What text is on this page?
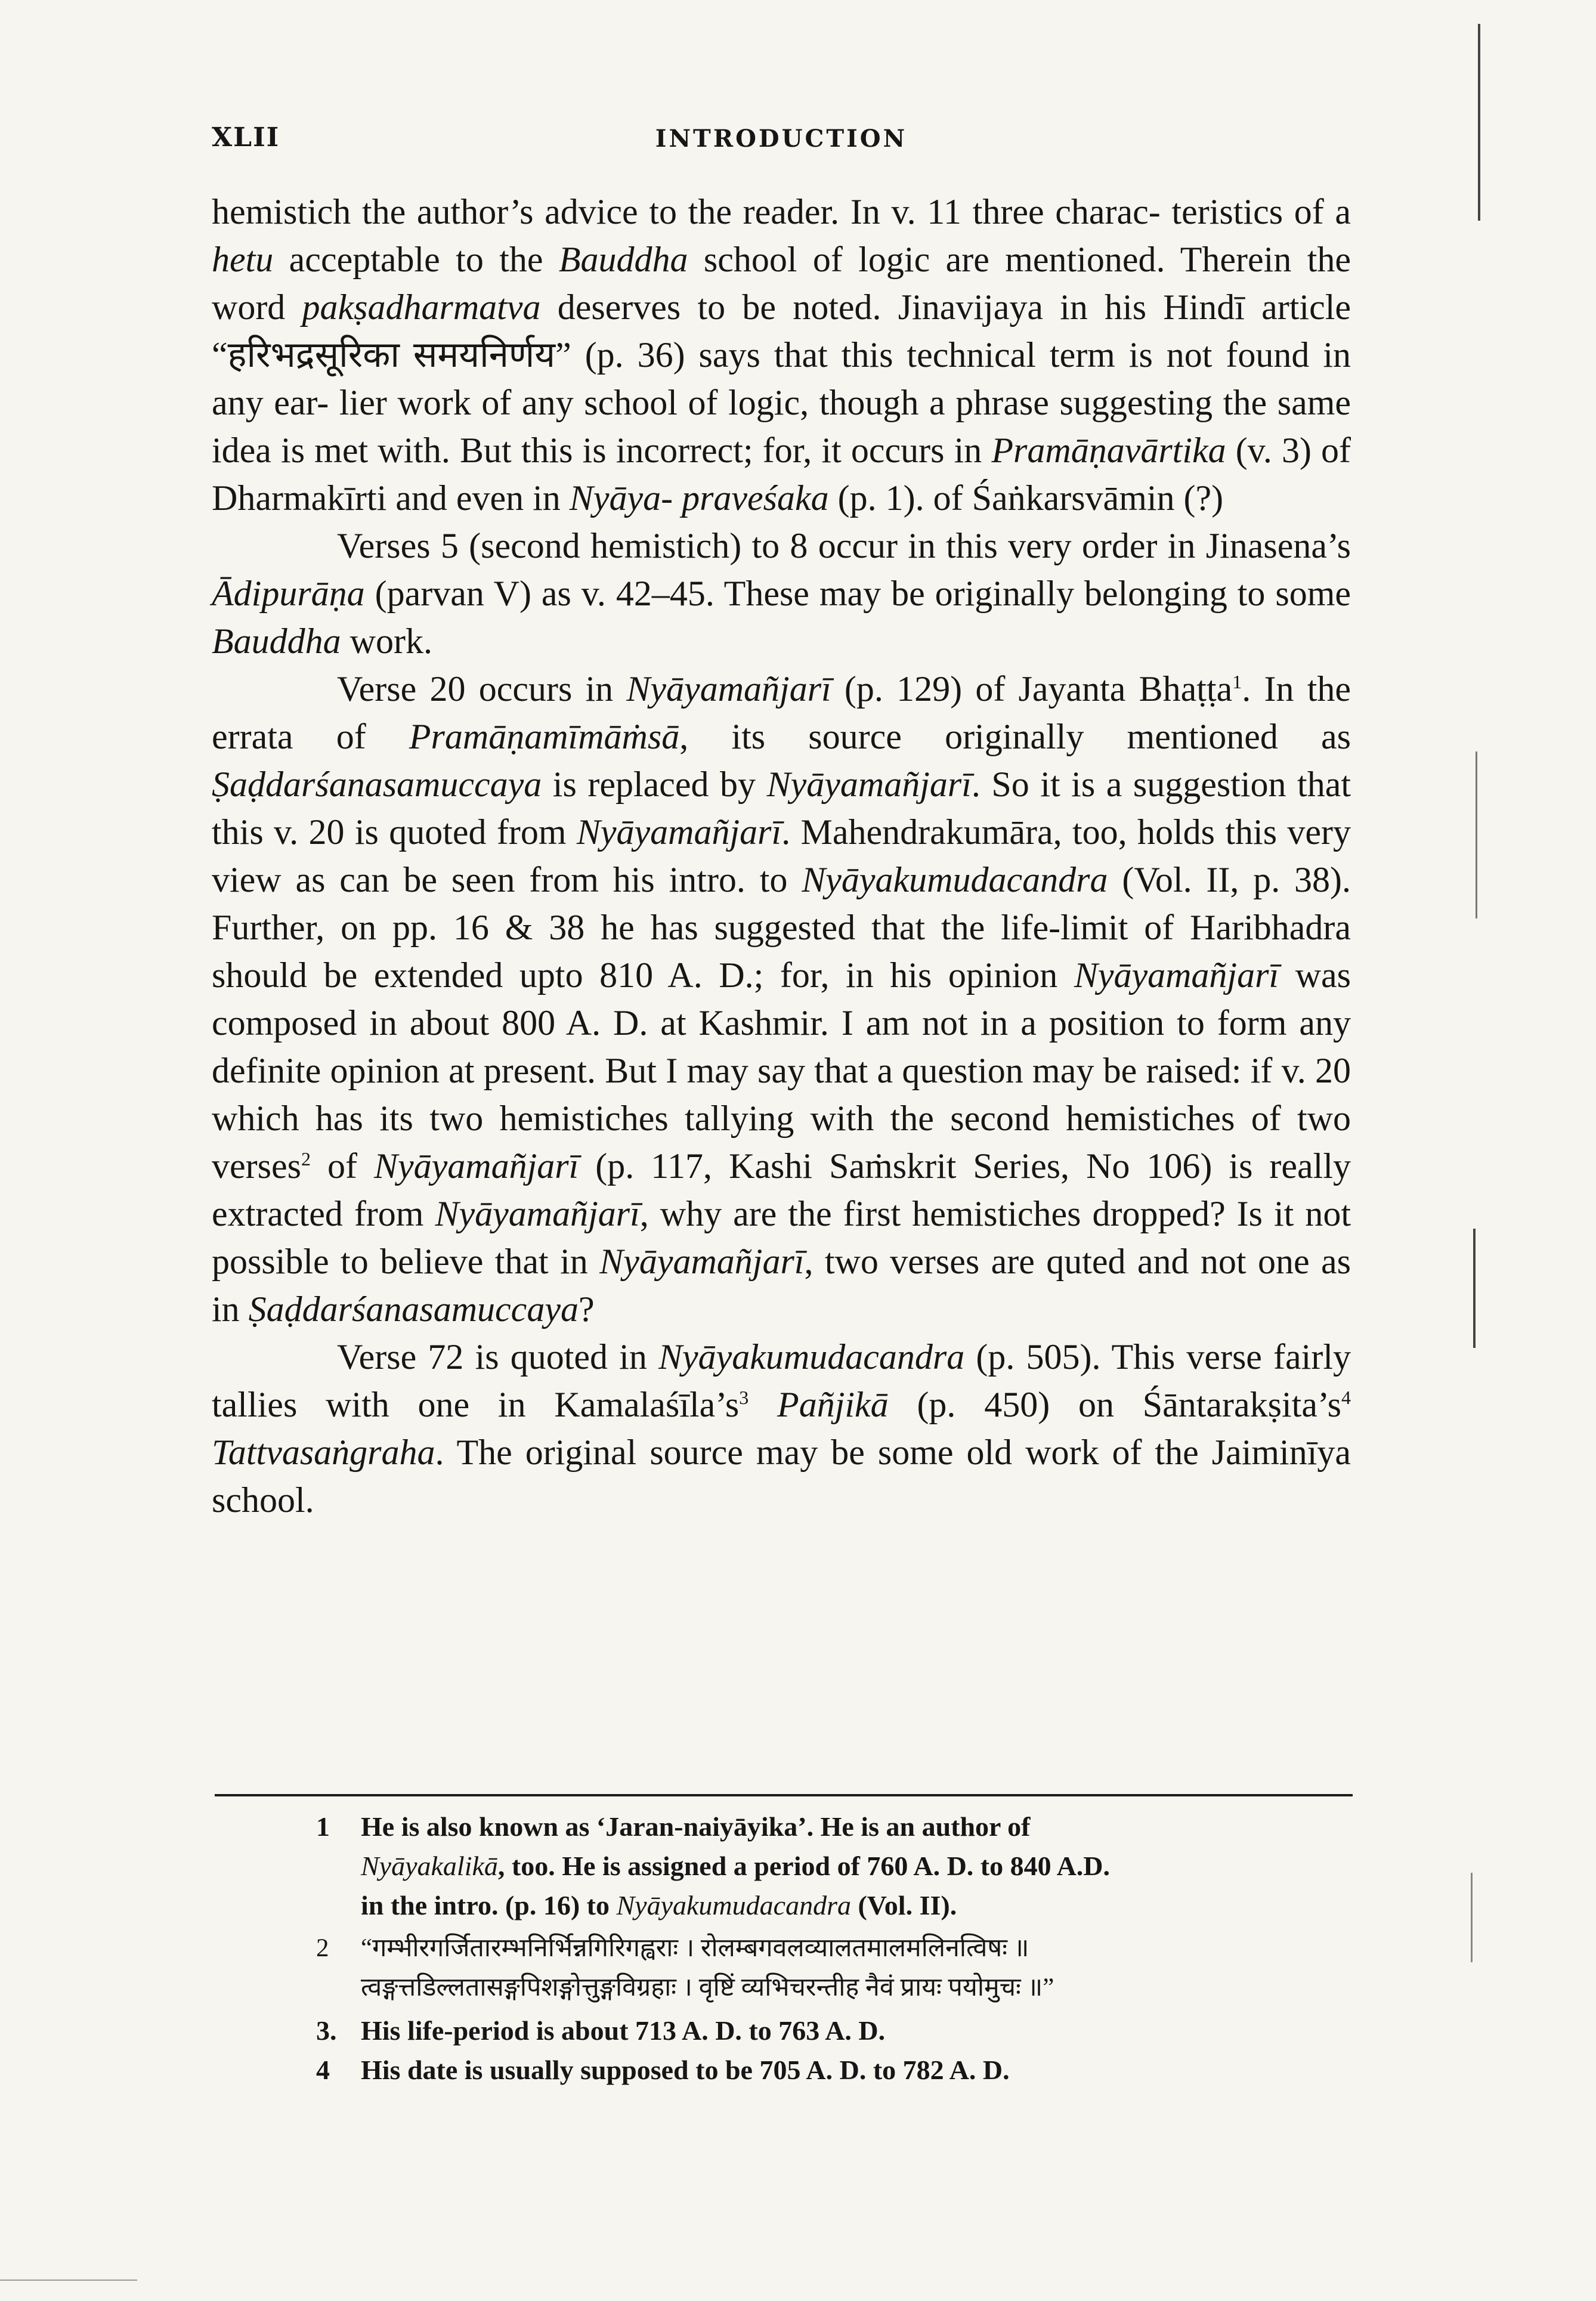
XLII	INTRODUCTION

hemistich the author’s advice to the reader. In v. 11 three charac- teristics of a hetu acceptable to the Bauddha school of logic are mentioned. Therein the word pakṣadharmatva deserves to be noted. Jinavijaya in his Hindī article “हरिभद्रसूरिका समयनिर्णय” (p. 36) says that this technical term is not found in any ear- lier work of any school of logic, though a phrase suggesting the same idea is met with. But this is incorrect; for, it occurs in Pramāṇavārtika (v. 3) of Dharmakīrti and even in Nyāya- praveśaka (p. 1). of Śaṅkarsvāmin (?)

Verses 5 (second hemistich) to 8 occur in this very order in Jinasena’s Ādipurāṇa (parvan V) as v. 42–45. These may be originally belonging to some Bauddha work.

Verse 20 occurs in Nyāyamañjarī (p. 129) of Jayanta Bhaṭṭa$^1$. In the errata of Pramāṇamīmāṁsā, its source originally mentioned as Ṣaḍdarśanasamuccaya is replaced by Nyāyamañjarī. So it is a suggestion that this v. 20 is quoted from Nyāyamañjarī. Mahendrakumāra, too, holds this very view as can be seen from his intro. to Nyāyakumudacandra (Vol. II, p. 38). Further, on pp. 16 & 38 he has suggested that the life-limit of Haribhadra should be extended upto 810 A. D.; for, in his opinion Nyāyamañjarī was composed in about 800 A. D. at Kashmir. I am not in a position to form any definite opinion at present. But I may say that a question may be raised: if v. 20 which has its two hemistiches tallying with the second hemistiches of two verses$^2$ of Nyāyamañjarī (p. 117, Kashi Saṁskrit Series, No 106) is really extracted from Nyāyamañjarī, why are the first hemistiches dropped? Is it not possible to believe that in Nyāyamañjarī, two verses are quted and not one as in Ṣaḍdarśanasamuccaya?

Verse 72 is quoted in Nyāyakumudacandra (p. 505). This verse fairly tallies with one in $Kamalaśīla’s^3$ Pañjikā (p. 450) on $Śāntarakṣita’s^4$ Tattvasaṅgraha. The original source may be some old work of the Jaiminīya school.

1 He is also known as ‘Jaran-naiyāyika’. He is an author of
Nyāyakalikā, too. He is assigned a period of 760 A. D. to 840 A.D.
in the intro. (p. 16) to Nyāyakumudacandra (Vol. II).
2 “गम्भीरगर्जितारम्भनिर्भिन्नगिरिगह्वराः । रोलम्बगवलव्यालतमालमलिनत्विषः ॥
त्वङ्गत्तडिल्लतासङ्गपिशङ्गोत्तुङ्गविग्रहाः । वृष्टिं व्यभिचरन्तीह नैवं प्रायः पयोमुचः ॥”
3. His life-period is about 713 A. D. to 763 A. D.
4 His date is usually supposed to be 705 A. D. to 782 A. D.
